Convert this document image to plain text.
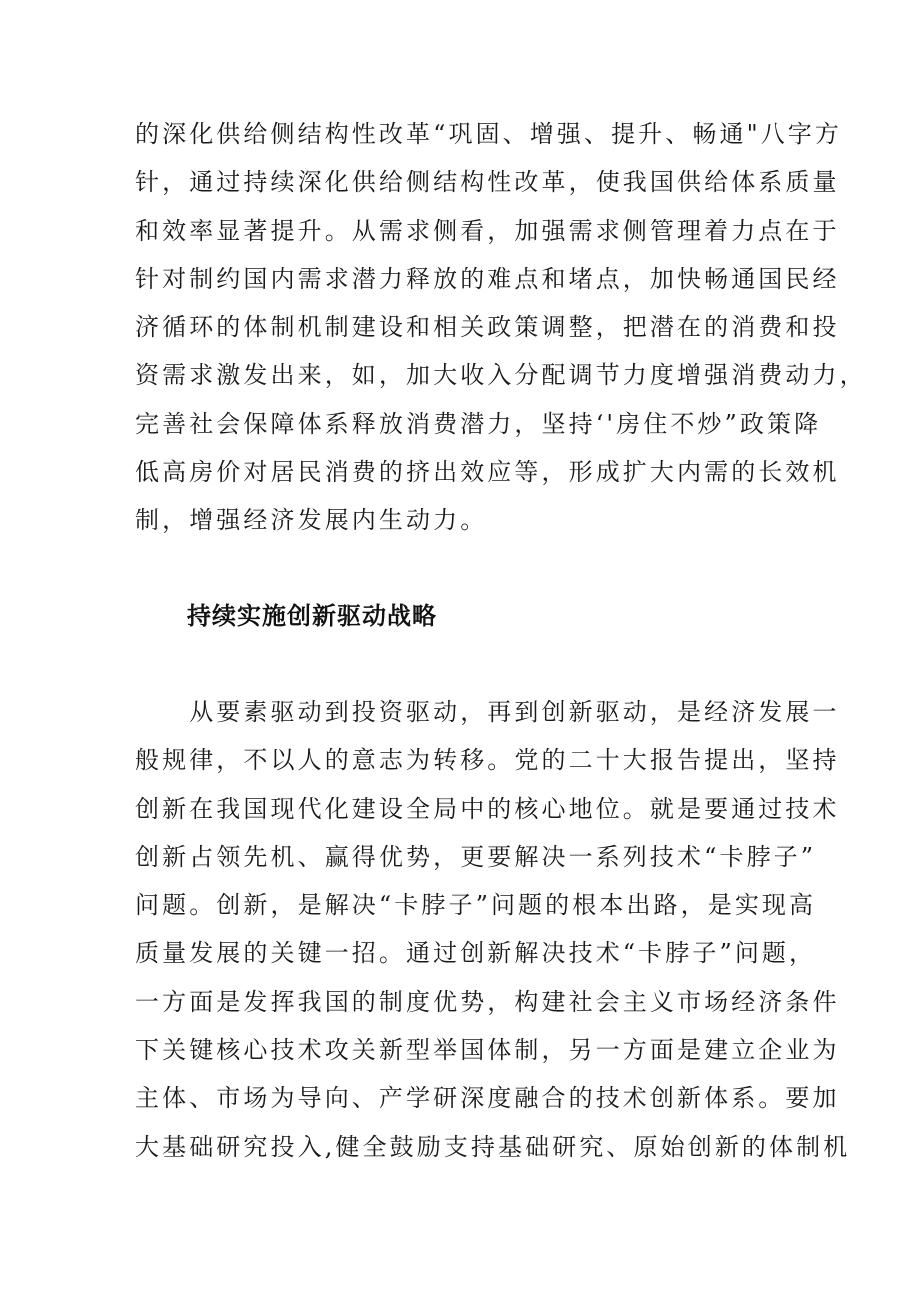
的深化供给侧结构性改革“巩固、增强、提升、畅通"八字方
针，通过持续深化供给侧结构性改革，使我国供给体系质量
和效率显著提升。从需求侧看，加强需求侧管理着力点在于
针对制约国内需求潜力释放的难点和堵点，加快畅通国民经
济循环的体制机制建设和相关政策调整，把潜在的消费和投
资需求激发出来，如，加大收入分配调节力度增强消费动力，
完善社会保障体系释放消费潜力，坚持‘'房住不炒”政策降
低高房价对居民消费的挤出效应等，形成扩大内需的长效机
制，增强经济发展内生动力。
持续实施创新驱动战略
　　从要素驱动到投资驱动，再到创新驱动，是经济发展一
般规律，不以人的意志为转移。党的二十大报告提出，坚持
创新在我国现代化建设全局中的核心地位。就是要通过技术
创新占领先机、赢得优势，更要解决一系列技术“卡脖子”
问题。创新，是解决“卡脖子”问题的根本出路，是实现高
质量发展的关键一招。通过创新解决技术“卡脖子”问题，
一方面是发挥我国的制度优势，构建社会主义市场经济条件
下关键核心技术攻关新型举国体制，另一方面是建立企业为
主体、市场为导向、产学研深度融合的技术创新体系。要加
大基础研究投入,健全鼓励支持基础研究、原始创新的体制机
